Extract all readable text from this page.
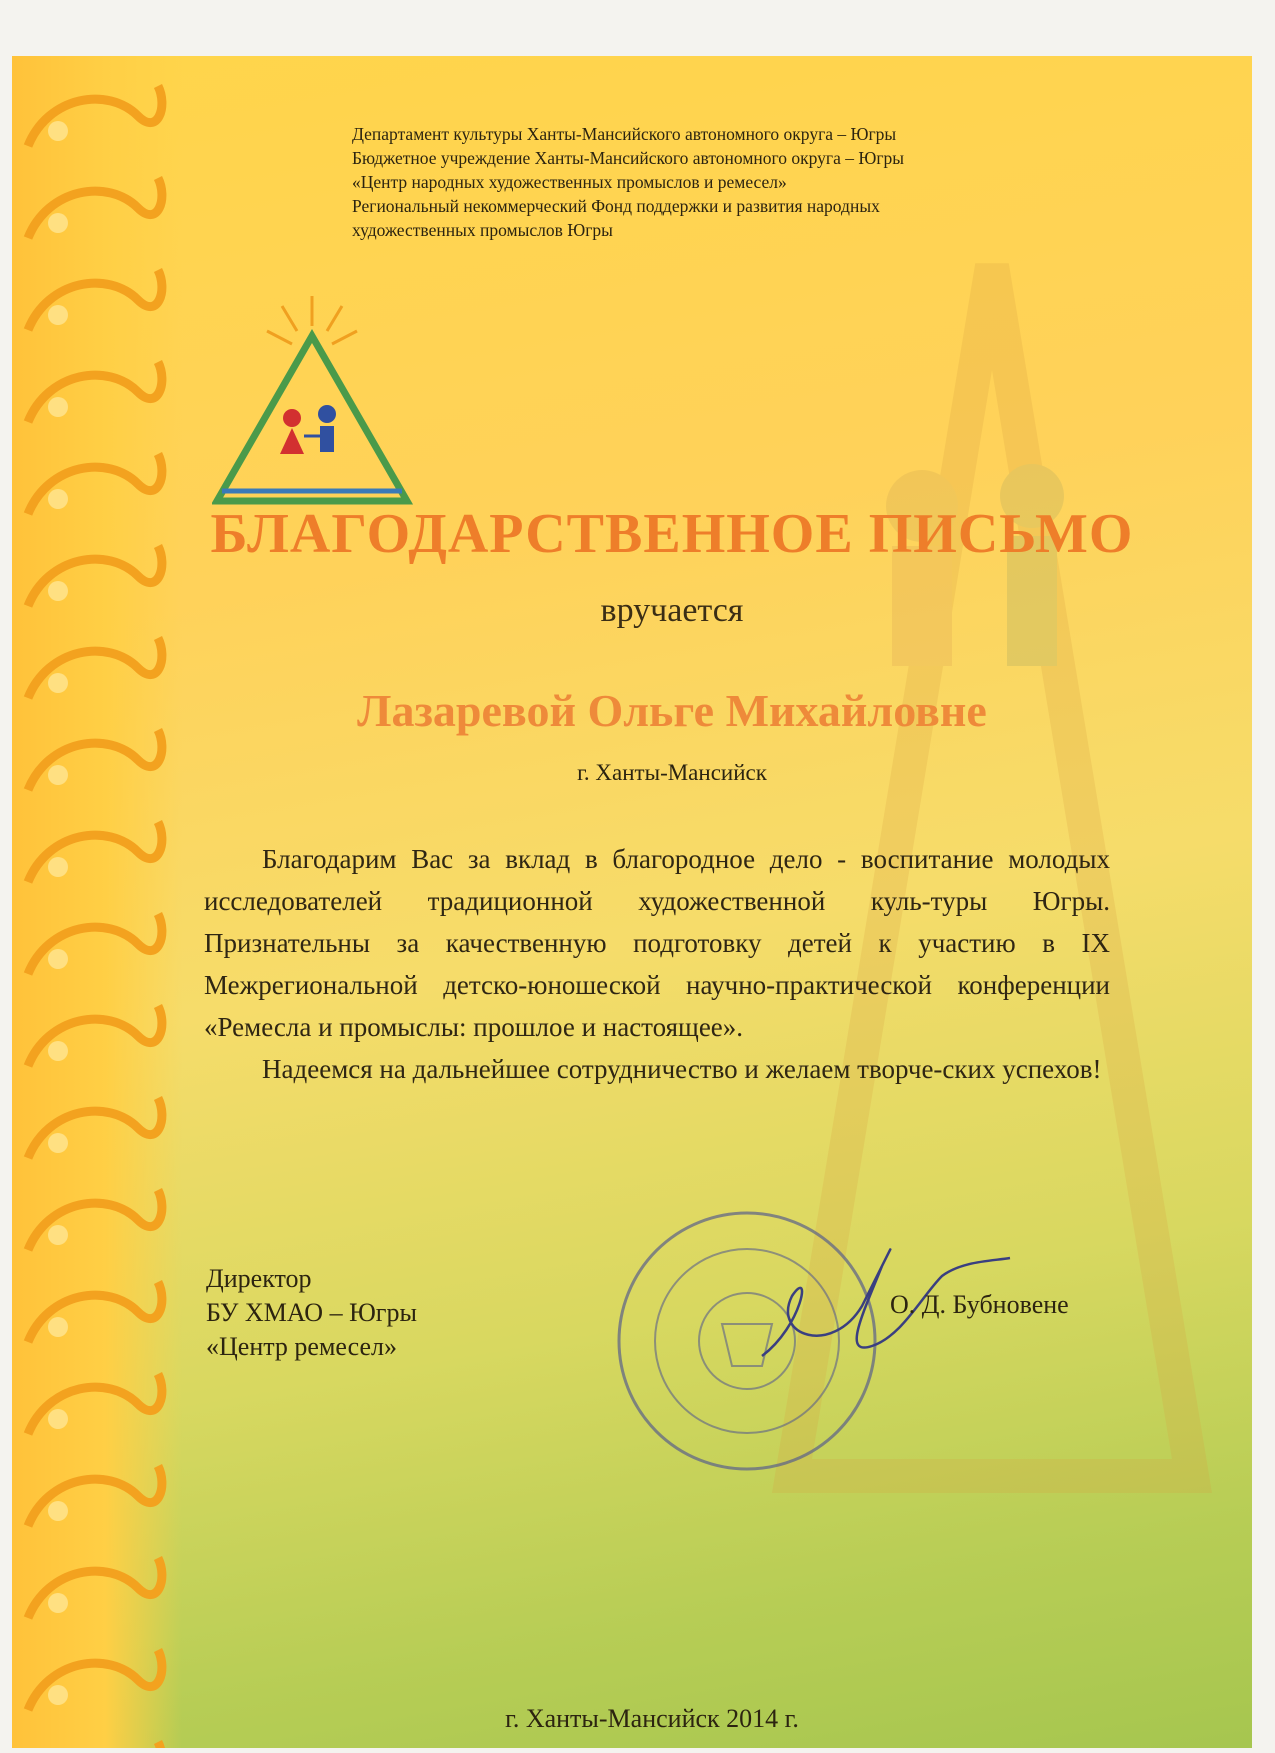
Департамент культуры Ханты-Мансийского автономного округа – Югры
Бюджетное учреждение Ханты-Мансийского автономного округа – Югры
«Центр народных художественных промыслов и ремесел»
Региональный некоммерческий Фонд поддержки и развития народных
художественных промыслов Югры
БЛАГОДАРСТВЕННОЕ ПИСЬМО
вручается
Лазаревой Ольге Михайловне
г. Ханты-Мансийск

Благодарим Вас за вклад в благородное дело - воспитание молодых исследователей традиционной художественной куль-туры Югры. Признательны за качественную подготовку детей к участию в IX Межрегиональной детско-юношеской научно-практической конференции «Ремесла и промыслы: прошлое и настоящее».

Надеемся на дальнейшее сотрудничество и желаем творче-ских успехов!

Директор
БУ ХМАО – Югры
«Центр ремесел»
О. Д. Бубновене
г. Ханты-Мансийск 2014 г.
